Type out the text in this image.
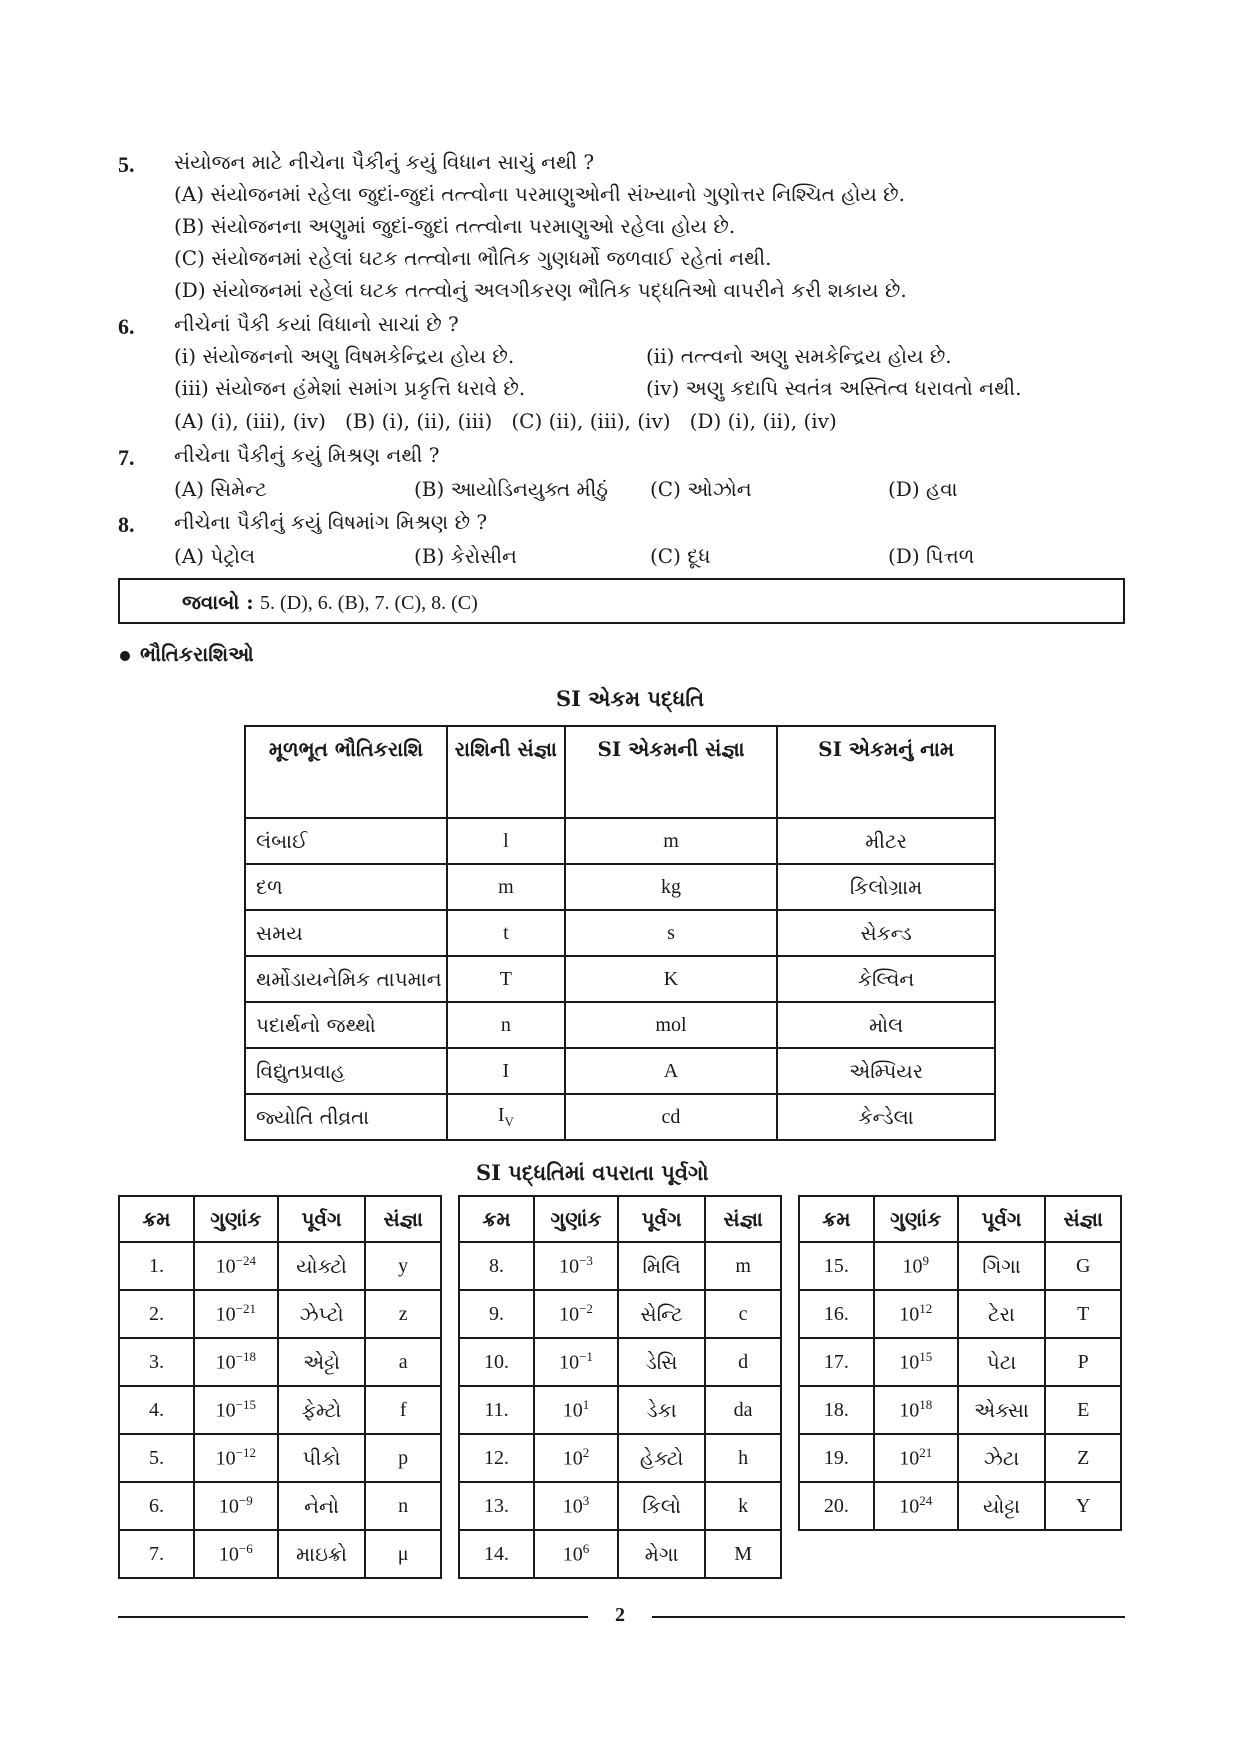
5. સંયોજન માટે નીચેના પૈકીનું કયું વિધાન સાચું નથી ?
(A) સંયોજનમાં રહેલા જુદાં-જુદાં તત્ત્વોના પરમાણુઓની સંખ્યાનો ગુણોત્તર નિશ્ચિત હોય છે.
(B) સંયોજનના અણુમાં જુદાં-જુદાં તત્ત્વોના પરમાણુઓ રહેલા હોય છે.
(C) સંયોજનમાં રહેલાં ઘટક તત્ત્વોના ભૌતિક ગુણધર્મો જળવાઈ રહેતાં નથી.
(D) સંયોજનમાં રહેલાં ઘટક તત્ત્વોનું અલગીકરણ ભૌતિક પદ્ધતિઓ વાપરીને કરી શકાય છે.
6. નીચેનાં પૈકી કયાં વિધાનો સાચાં છે ?
(i) સંયોજનનો અણુ વિષમકેન્દ્રિય હોય છે.	(ii) તત્ત્વનો અણુ સમકેન્દ્રિય હોય છે.
(iii) સંયોજન હંમેશાં સમાંગ પ્રકૃત્તિ ધરાવે છે.	(iv) અણુ કદાપિ સ્વતંત્ર અસ્તિત્વ ધરાવતો નથી.
(A) (i), (iii), (iv)   (B) (i), (ii), (iii)   (C) (ii), (iii), (iv)   (D) (i), (ii), (iv)
7. નીચેના પૈકીનું કયું મિશ્રણ નથી ?
(A) સિમેન્ટ	(B) આયોડિનયુક્ત મીઠું (C) ઓઝોન	(D) હવા
8. નીચેના પૈકીનું કયું વિષમાંગ મિશ્રણ છે ?
(A) પેટ્રોલ	(B) કેરોસીન	(C) દૂધ	(D) પિત્તળ
જવાબો : 5. (D), 6. (B), 7. (C), 8. (C)
ભૌતિકરાશિઓ
SI એકમ પદ્ધતિ
મૂળભૂત ભૌતિકરાશિ	રાશિની સંજ્ઞા	SI એકમની સંજ્ઞા	SI એકમનું નામ
લંબાઈ	l	m	મીટર
દળ	m	kg	કિલોગ્રામ
સમય	t	s	સેકન્ડ
થર્મોડાયનેમિક તાપમાન	T	K	કેલ્વિન
પદાર્થનો જથ્થો	n	mol	મોલ
વિદ્યુતપ્રવાહ	I	A	એમ્પિયર
જ્યોતિ તીવ્રતા	$I_V$	cd	કેન્ડેલા
SI પદ્ધતિમાં વપરાતા પૂર્વગો
ક્રમ	ગુણાંક	પૂર્વગ	સંજ્ઞા
1.	$10^{-24}$	યોક્ટો	y
2.	$10^{-21}$	ઝેપ્ટો	z
3.	$10^{-18}$	એટ્ટો	a
4.	$10^{-15}$	ફેમ્ટો	f
5.	$10^{-12}$	પીકો	p
6.	$10^{-9}$	નેનો	n
7.	$10^{-6}$	માઇક્રો	μ
ક્રમ	ગુણાંક	પૂર્વગ	સંજ્ઞા
8.	$10^{-3}$	મિલિ	m
9.	$10^{-2}$	સેન્ટિ	c
10.	$10^{-1}$	ડેસિ	d
11.	$10^1$	ડેકા	da
12.	$10^2$	હેક્ટો	h
13.	$10^3$	કિલો	k
14.	$10^6$	મેગા	M
ક્રમ	ગુણાંક	પૂર્વગ	સંજ્ઞા
15.	$10^9$	ગિગા	G
16.	$10^{12}$	ટેરા	T
17.	$10^{15}$	પેટા	P
18.	$10^{18}$	એક્સા	E
19.	$10^{21}$	ઝેટા	Z
20.	$10^{24}$	યોટ્ટા	Y
2
